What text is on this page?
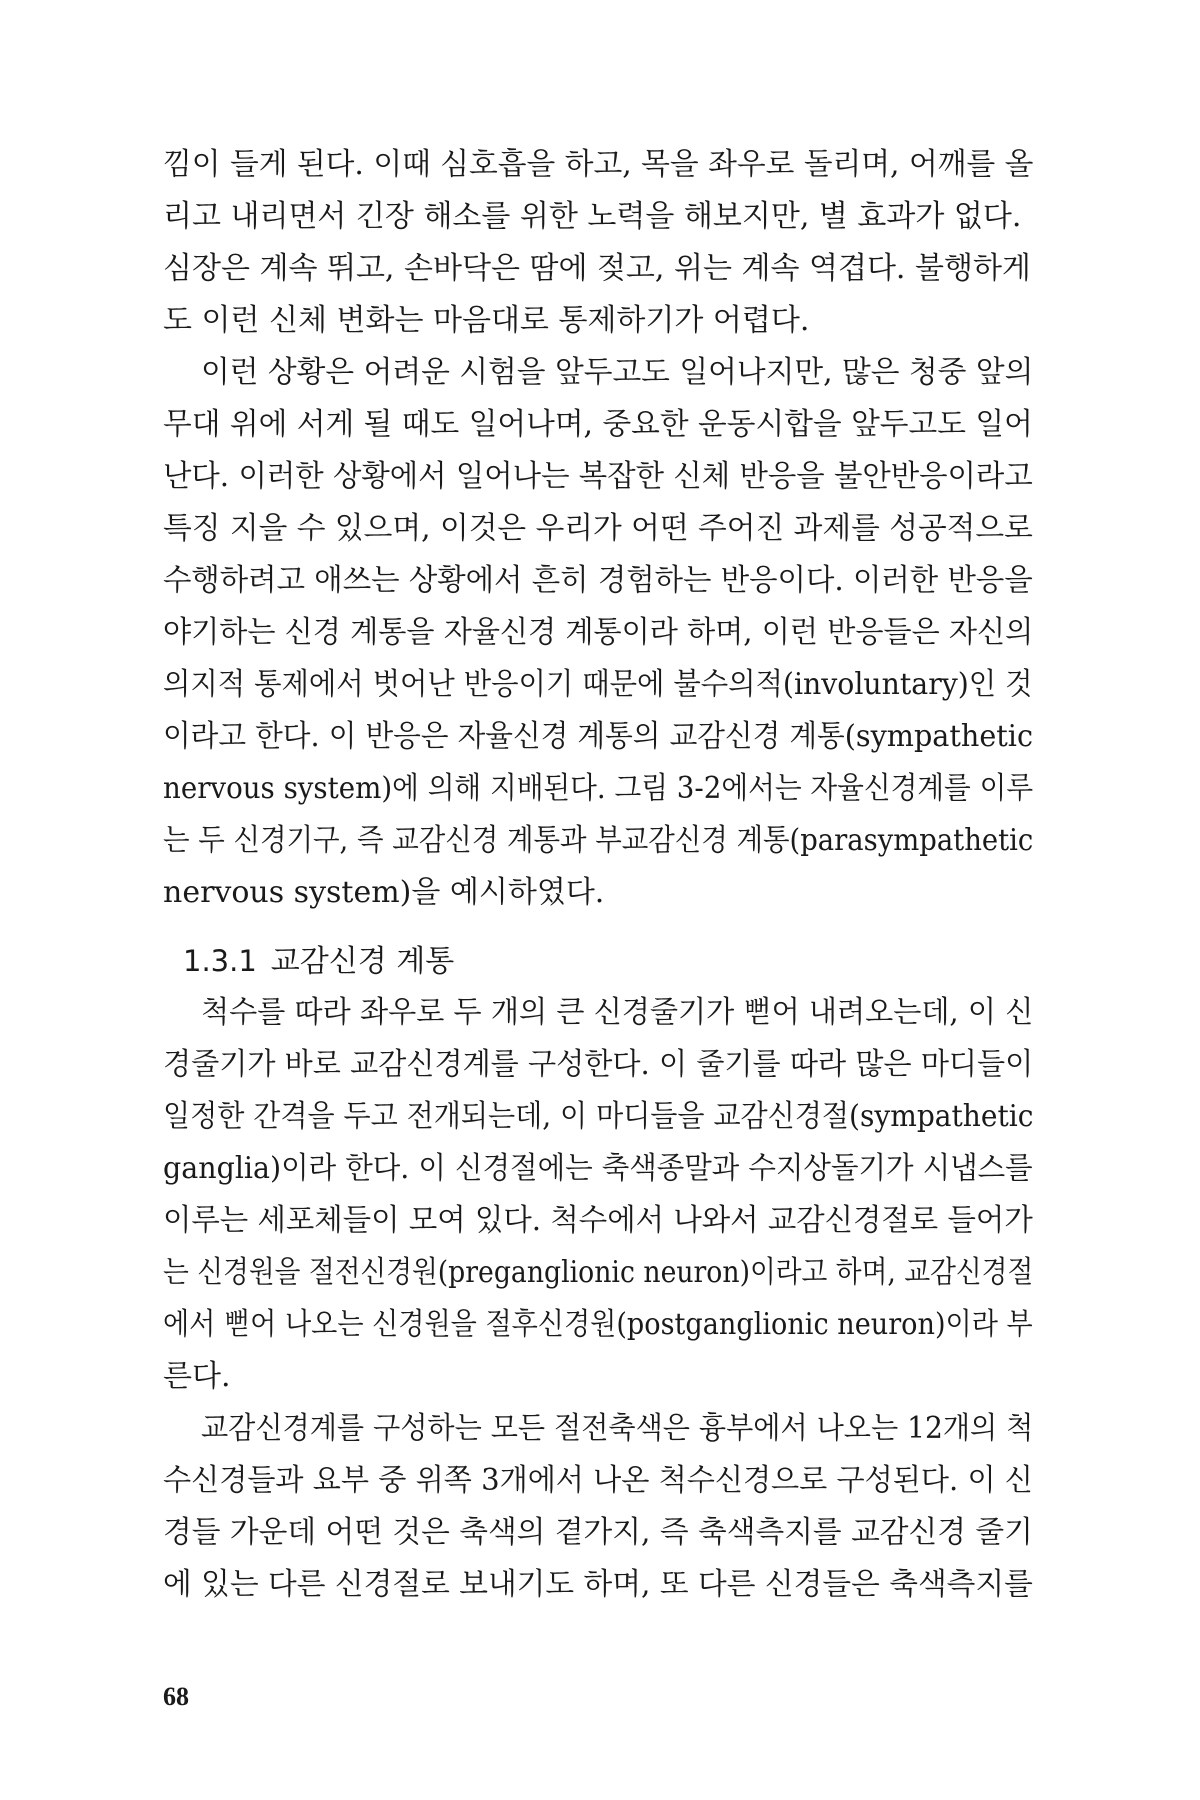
낌이 들게 된다. 이때 심호흡을 하고, 목을 좌우로 돌리며, 어깨를 올
리고 내리면서 긴장 해소를 위한 노력을 해보지만, 별 효과가 없다.
심장은 계속 뛰고, 손바닥은 땀에 젖고, 위는 계속 역겹다. 불행하게
도 이런 신체 변화는 마음대로 통제하기가 어렵다.
이런 상황은 어려운 시험을 앞두고도 일어나지만, 많은 청중 앞의
무대 위에 서게 될 때도 일어나며, 중요한 운동시합을 앞두고도 일어
난다. 이러한 상황에서 일어나는 복잡한 신체 반응을 불안반응이라고
특징 지을 수 있으며, 이것은 우리가 어떤 주어진 과제를 성공적으로
수행하려고 애쓰는 상황에서 흔히 경험하는 반응이다. 이러한 반응을
야기하는 신경 계통을 자율신경 계통이라 하며, 이런 반응들은 자신의
의지적 통제에서 벗어난 반응이기 때문에 불수의적(involuntary)인 것
이라고 한다. 이 반응은 자율신경 계통의 교감신경 계통(sympathetic
nervous system)에 의해 지배된다. 그림 3-2에서는 자율신경계를 이루
는 두 신경기구, 즉 교감신경 계통과 부교감신경 계통(parasympathetic
nervous system)을 예시하였다.
1.3.1 교감신경 계통
척수를 따라 좌우로 두 개의 큰 신경줄기가 뻗어 내려오는데, 이 신
경줄기가 바로 교감신경계를 구성한다. 이 줄기를 따라 많은 마디들이
일정한 간격을 두고 전개되는데, 이 마디들을 교감신경절(sympathetic
ganglia)이라 한다. 이 신경절에는 축색종말과 수지상돌기가 시냅스를
이루는 세포체들이 모여 있다. 척수에서 나와서 교감신경절로 들어가
는 신경원을 절전신경원(preganglionic neuron)이라고 하며, 교감신경절
에서 뻗어 나오는 신경원을 절후신경원(postganglionic neuron)이라 부
른다.
교감신경계를 구성하는 모든 절전축색은 흉부에서 나오는 12개의 척
수신경들과 요부 중 위쪽 3개에서 나온 척수신경으로 구성된다. 이 신
경들 가운데 어떤 것은 축색의 곁가지, 즉 축색측지를 교감신경 줄기
에 있는 다른 신경절로 보내기도 하며, 또 다른 신경들은 축색측지를
68
